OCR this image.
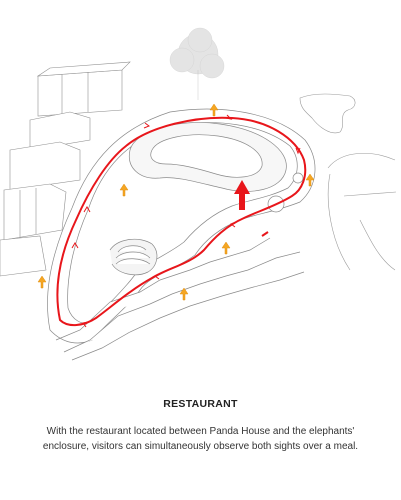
RESTAURANT
With the restaurant located between Panda House and the elephants' enclosure, visitors can simultaneously observe both sights over a meal.
